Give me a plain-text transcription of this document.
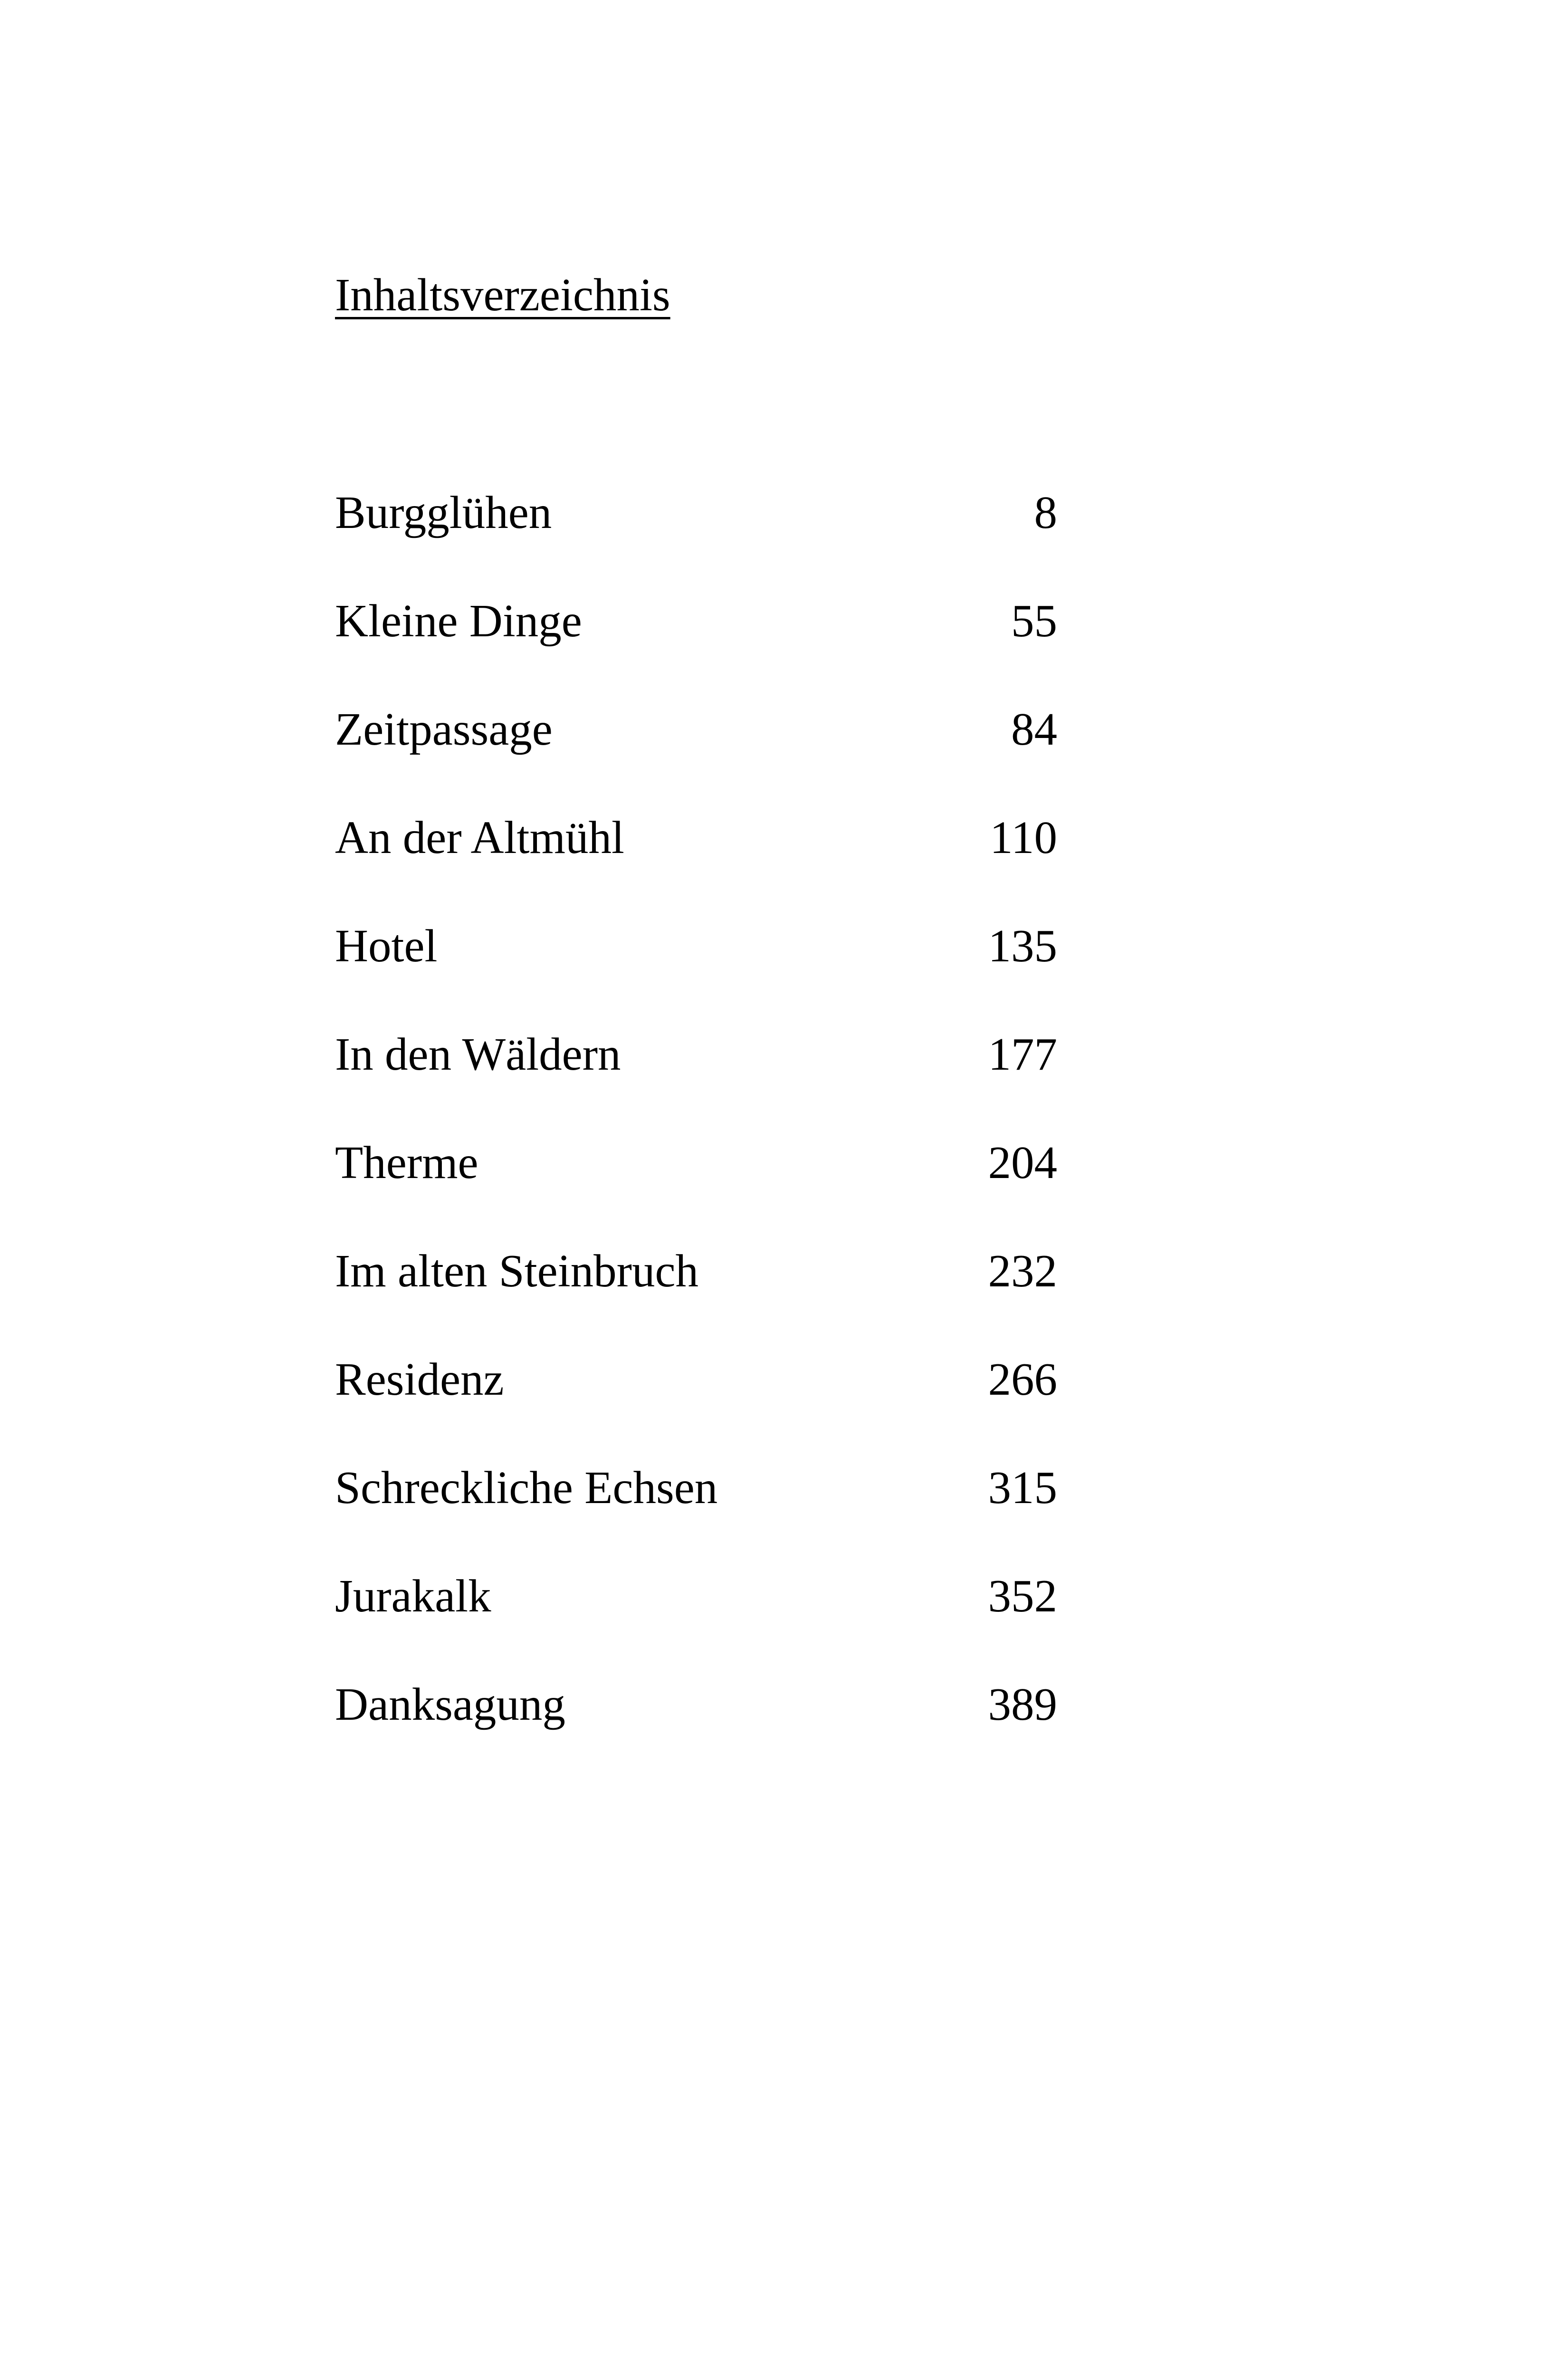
Inhaltsverzeichnis
Burgglühen	8
Kleine Dinge	55
Zeitpassage	84
An der Altmühl	110
Hotel	135
In den Wäldern	177
Therme	204
Im alten Steinbruch	232
Residenz	266
Schreckliche Echsen	315
Jurakalk	352
Danksagung	389
